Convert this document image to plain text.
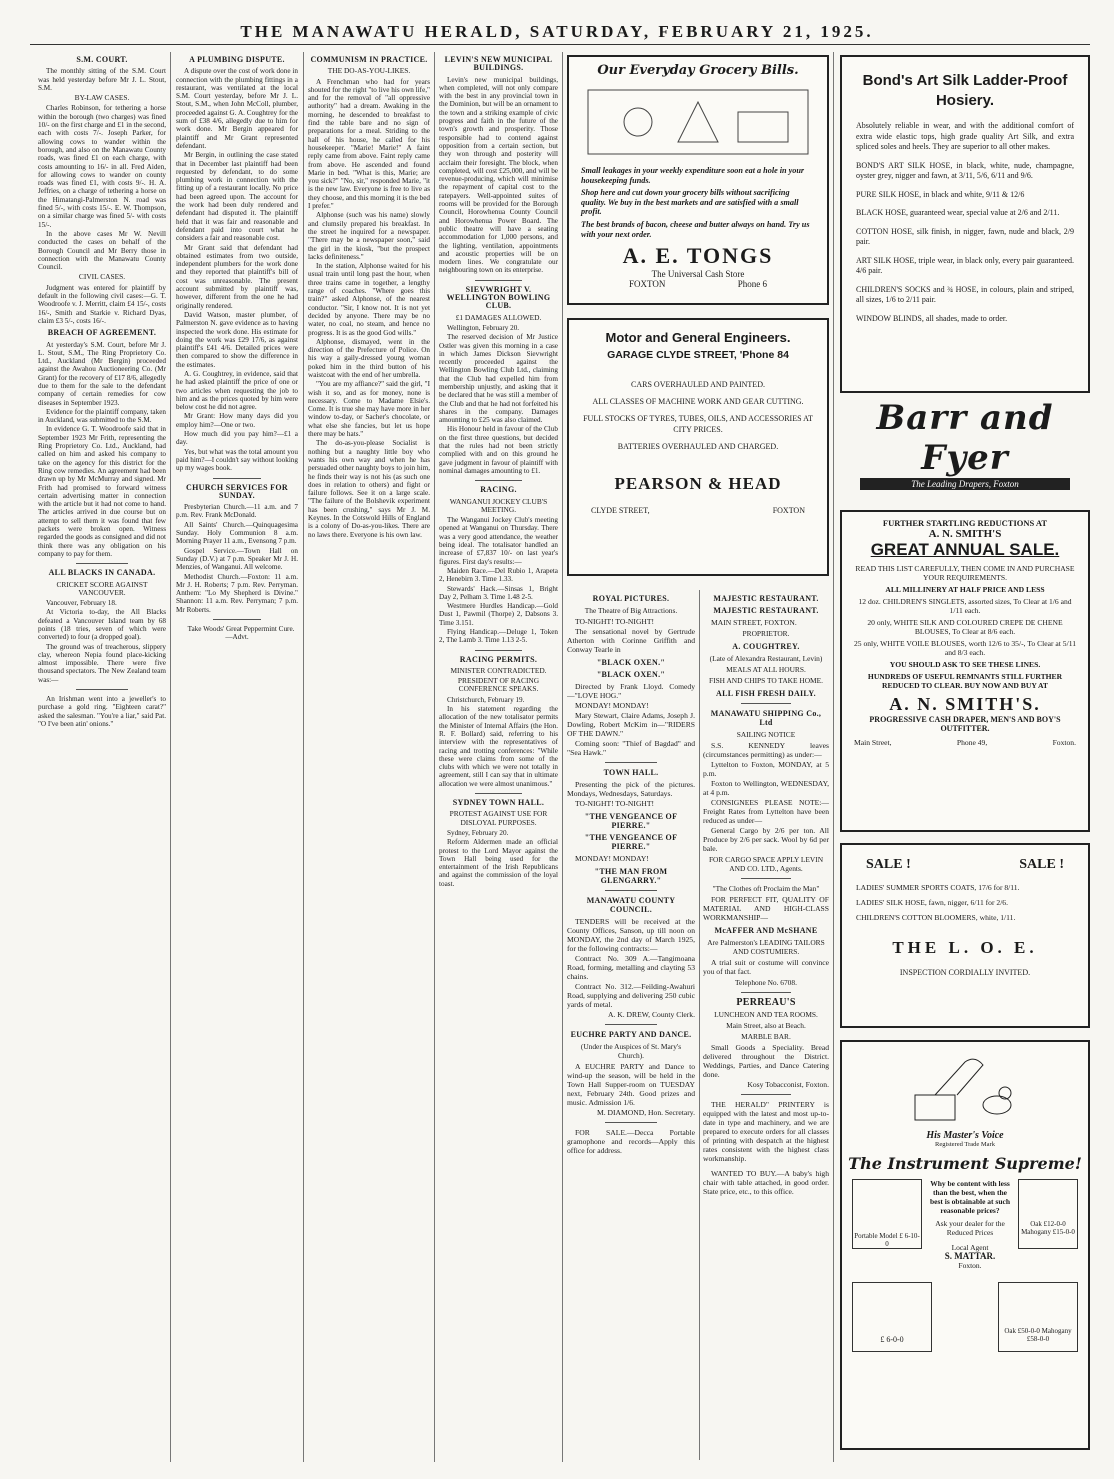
THE MANAWATU HERALD, SATURDAY, FEBRUARY 21, 1925.
S.M. COURT.

The monthly sitting of the S.M. Court was held yesterday before Mr J. L. Stout, S.M.

BY-LAW CASES.

Charles Robinson, for tethering a horse within the borough (two charges) was fined 10/- on the first charge and £1 in the second, each with costs 7/-. Joseph Parker, for allowing cows to wander within the borough, and also on the Manawatu County roads, was fined £1 on each charge, with costs amounting to 16/- in all. Fred Aiden, for allowing cows to wander on county roads was fined £1, with costs 9/-. H. A. Jeffries, on a charge of tethering a horse on the Himatangi-Palmerston N. road was fined 5/-, with costs 15/-. E. W. Thompson, on a similar charge was fined 5/- with costs 15/-.

In the above cases Mr W. Nevill conducted the cases on behalf of the Borough Council and Mr Berry those in connection with the Manawatu County Council.

CIVIL CASES.

Judgment was entered for plaintiff by default in the following civil cases:—G. T. Woodroofe v. J. Merritt, claim £4 15/-, costs 16/-, Smith and Starkie v. Richard Dyas, claim £3 5/-, costs 16/-.

BREACH OF AGREEMENT.

At yesterday's S.M. Court, before Mr J. L. Stout, S.M., The Ring Proprietory Co. Ltd., Auckland (Mr Bergin) proceeded against the Awahou Auctioneering Co. (Mr Grant) for the recovery of £17 8/6, allegedly due to them for the sale to the defendant company of certain remedies for cow diseases in September 1923.

Evidence for the plaintiff company, taken in Auckland, was submitted to the S.M.

In evidence G. T. Woodroofe said that in September 1923 Mr Frith, representing the Ring Proprietory Co. Ltd., Auckland, had called on him and asked his company to take on the agency for this district for the Ring cow remedies. An agreement had been drawn up by Mr McMurray and signed. Mr Frith had promised to forward witness certain advertising matter in connection with the article but it had not come to hand. The articles arrived in due course but on attempt to sell them it was found that few packets were broken open. Witness regarded the goods as consigned and did not think there was any obligation on his company to pay for them.

ALL BLACKS IN CANADA.
CRICKET SCORE AGAINST VANCOUVER.

Vancouver, February 18.

At Victoria to-day, the All Blacks defeated a Vancouver Island team by 68 points (18 tries, seven of which were converted) to four (a dropped goal).

The ground was of treacherous, slippery clay, whereon Nepia found place-kicking almost impossible. There were five thousand spectators. The New Zealand team was:—

An Irishman went into a jeweller's to purchase a gold ring. "Eighteen carat?" asked the salesman. "You're a liar," said Pat. "O I've been atin' onions."

A PLUMBING DISPUTE.

A dispute over the cost of work done in connection with the plumbing fittings in a restaurant, was ventilated at the local S.M. Court yesterday, before Mr J. L. Stout, S.M., when John McColl, plumber, proceeded against G. A. Coughtrey for the sum of £38 4/6, allegedly due to him for work done. Mr Bergin appeared for plaintiff and Mr Grant represented defendant.

Mr Bergin, in outlining the case stated that in December last plaintiff had been requested by defendant, to do some plumbing work in connection with the fitting up of a restaurant locally. No price had been agreed upon. The account for the work had been duly rendered and defendant had disputed it. The plaintiff held that it was fair and reasonable and defendant paid into court what he considers a fair and reasonable cost.

Mr Grant said that defendant had obtained estimates from two outside, independent plumbers for the work done and they reported that plaintiff's bill of cost was unreasonable. The present account submitted by plaintiff was, however, different from the one he had originally rendered.

David Watson, master plumber, of Palmerston N. gave evidence as to having inspected the work done. His estimate for doing the work was £29 17/6, as against plaintiff's £41 4/6. Detailed prices were then compared to show the difference in the estimates.

A. G. Coughtrey, in evidence, said that he had asked plaintiff the price of one or two articles when requesting the job to him and as the prices quoted by him were below cost he did not agree.

Mr Grant: How many days did you employ him?—One or two.

How much did you pay him?—£1 a day.

Yes, but what was the total amount you paid him?—I couldn't say without looking up my wages book.

CHURCH SERVICES FOR SUNDAY.

Presbyterian Church.—11 a.m. and 7 p.m. Rev. Frank McDonald.

All Saints' Church.—Quinquagesima Sunday. Holy Communion 8 a.m. Morning Prayer 11 a.m., Evensong 7 p.m.

Gospel Service.—Town Hall on Sunday (D.V.) at 7 p.m. Speaker Mr J. H. Menzies, of Wanganui. All welcome.

Methodist Church.—Foxton: 11 a.m. Mr J. H. Roberts; 7 p.m. Rev. Perryman. Anthem: "Lo My Shepherd is Divine." Shannon: 11 a.m. Rev. Perryman; 7 p.m. Mr Roberts.

Take Woods' Great Peppermint Cure.—Advt.

COMMUNISM IN PRACTICE.
THE DO-AS-YOU-LIKES.

A Frenchman who had for years shouted for the right "to live his own life," and for the removal of "all oppressive authority" had a dream. Awaking in the morning, he descended to breakfast to find the table bare and no sign of preparations for a meal. Striding to the hall of his house, he called for his housekeeper. "Marie! Marie!" A faint reply came from above. Faint reply came from above. He ascended and found Marie in bed. "What is this, Marie; are you sick?" "No, sir," responded Marie, "it is the new law. Everyone is free to live as they choose, and this morning it is the bed I prefer."

Alphonse (such was his name) slowly and clumsily prepared his breakfast. In the street he inquired for a newspaper. "There may be a newspaper soon," said the girl in the kiosk, "but the prospect lacks definiteness."

In the station, Alphonse waited for his usual train until long past the hour, when three trains came in together, a lengthy range of coaches. "Where goes this train?" asked Alphonse, of the nearest conductor. "Sir, I know not. It is not yet decided by anyone. There may be no water, no coal, no steam, and hence no progress. It is as the good God wills."

Alphonse, dismayed, went in the direction of the Prefecture of Police. On his way a gaily-dressed young woman poked him in the third button of his waistcoat with the end of her umbrella.

"You are my affiance?" said the girl, "I wish it so, and as for money, none is necessary. Come to Madame Elsie's. Come. It is true she may have more in her window to-day, or Sacher's chocolate, or what else she fancies, but let us hope there may be hats."

The do-as-you-please Socialist is nothing but a naughty little boy who wants his own way and when he has persuaded other naughty boys to join him, he finds their way is not his (as such one does in relation to others) and fight or failure follows. See it on a large scale. "The failure of the Bolshevik experiment has been crushing," says Mr J. M. Keynes. In the Cotswold Hills of England is a colony of Do-as-you-likes. There are no laws there. Everyone is his own law.

LEVIN'S NEW MUNICIPAL BUILDINGS.

Levin's new municipal buildings, when completed, will not only compare with the best in any provincial town in the Dominion, but will be an ornament to the town and a striking example of civic progress and faith in the future of the town's growth and prosperity. Those responsible had to contend against opposition from a certain section, but they won through and posterity will acclaim their foresight. The block, when completed, will cost £25,000, and will be revenue-producing, which will minimise the repayment of capital cost to the ratepayers. Well-appointed suites of rooms will be provided for the Borough Council, Horowhenua County Council and Horowhenua Power Board. The public theatre will have a seating accommodation for 1,000 persons, and the lighting, ventilation, appointments and acoustic properties will be on modern lines. We congratulate our neighbouring town on its enterprise.

SIEVWRIGHT V. WELLINGTON BOWLING CLUB.
£1 DAMAGES ALLOWED.

Wellington, February 20.

The reserved decision of Mr Justice Ostler was given this morning in a case in which James Dickson Sievwright recently proceeded against the Wellington Bowling Club Ltd., claiming that the Club had expelled him from membership unjustly, and asking that it be declared that he was still a member of the Club and that he had not forfeited his shares in the company. Damages amounting to £25 was also claimed.

His Honour held in favour of the Club on the first three questions, but decided that the rules had not been strictly complied with and on this ground he gave judgment in favour of plaintiff with nominal damages amounting to £1.

RACING.
WANGANUI JOCKEY CLUB'S MEETING.

The Wanganui Jockey Club's meeting opened at Wanganui on Thursday. There was a very good attendance, the weather being ideal. The totalisator handled an increase of £7,837 10/- on last year's figures. First day's results:—

Maiden Race.—Del Rubio 1, Arapeta 2, Henebirn 3. Time 1.33.

Stewards' Hack.—Sinsas 1, Bright Day 2, Pelham 3. Time 1.48 2-5.

Westmere Hurdles Handicap.—Gold Dust 1, Pawmil (Thorpe) 2, Dabsons 3. Time 3.151.

Flying Handicap.—Deluge 1, Token 2, The Lamb 3. Time 1.13 2-5.

RACING PERMITS.
MINISTER CONTRADICTED.
PRESIDENT OF RACING CONFERENCE SPEAKS.

Christchurch, February 19.

In his statement regarding the allocation of the new totalisator permits the Minister of Internal Affairs (the Hon. R. F. Bollard) said, referring to his interview with the representatives of racing and trotting conferences: "While these were claims from some of the clubs with which we were not totally in agreement, still I can say that in ultimate allocation we were almost unanimous."

SYDNEY TOWN HALL.
PROTEST AGAINST USE FOR DISLOYAL PURPOSES.

Sydney, February 20.

Reform Aldermen made an official protest to the Lord Mayor against the Town Hall being used for the entertainment of the Irish Republicans and against the commission of the loyal toast.

Our Everyday Grocery Bills.

Small leakages in your weekly expenditure soon eat a hole in your housekeeping funds.

Shop here and cut down your grocery bills without sacrificing quality. We buy in the best markets and are satisfied with a small profit.

The best brands of bacon, cheese and butter always on hand. Try us with your next order.

A. E. TONGS
The Universal Cash Store
FOXTON	Phone 6
Motor and General Engineers.
GARAGE CLYDE STREET, 'Phone 84

CARS OVERHAULED AND PAINTED.

ALL CLASSES OF MACHINE WORK AND GEAR CUTTING.

FULL STOCKS OF TYRES, TUBES, OILS, AND ACCESSORIES AT CITY PRICES.

BATTERIES OVERHAULED AND CHARGED.

PEARSON & HEAD
CLYDE STREET,	FOXTON
ROYAL PICTURES.
The Theatre of Big Attractions.

TO-NIGHT! TO-NIGHT!

The sensational novel by Gertrude Atherton with Corinne Griffith and Conway Tearle in

"BLACK OXEN."
"BLACK OXEN."

Directed by Frank Lloyd. Comedy—"LOVE HOG."

MONDAY! MONDAY!

Mary Stewart, Claire Adams, Joseph J. Dowling, Robert McKim in—"RIDERS OF THE DAWN."

Coming soon: "Thief of Bagdad" and "Sea Hawk."

TOWN HALL.

Presenting the pick of the pictures. Mondays, Wednesdays, Saturdays.

TO-NIGHT! TO-NIGHT!

"THE VENGEANCE OF PIERRE."
"THE VENGEANCE OF PIERRE."

MONDAY! MONDAY!

"THE MAN FROM GLENGARRY."
MANAWATU COUNTY COUNCIL.

TENDERS will be received at the County Offices, Sanson, up till noon on MONDAY, the 2nd day of March 1925, for the following contracts:—

Contract No. 309 A.—Tangimoana Road, forming, metalling and clayting 53 chains.

Contract No. 312.—Feilding-Awahuri Road, supplying and delivering 250 cubic yards of metal.

A. K. DREW, County Clerk.

EUCHRE PARTY AND DANCE.
(Under the Auspices of St. Mary's Church).

A EUCHRE PARTY and Dance to wind-up the season, will be held in the Town Hall Supper-room on TUESDAY next, February 24th. Good prizes and music. Admission 1/6.

M. DIAMOND, Hon. Secretary.

FOR SALE.—Decca Portable gramophone and records—Apply this office for address.

MAJESTIC RESTAURANT.
MAJESTIC RESTAURANT.

MAIN STREET, FOXTON.

PROPRIETOR.
A. COUGHTREY.
(Late of Alexandra Restaurant, Levin)
MEALS AT ALL HOURS.
FISH AND CHIPS TO TAKE HOME.
ALL FISH FRESH DAILY.
MANAWATU SHIPPING Co., Ltd
SAILING NOTICE

S.S. KENNEDY leaves (circumstances permitting) as under:—

Lyttelton to Foxton, MONDAY, at 5 p.m.

Foxton to Wellington, WEDNESDAY, at 4 p.m.

CONSIGNEES PLEASE NOTE:—Freight Rates from Lyttelton have been reduced as under—

General Cargo by 2/6 per ton. All Produce by 2/6 per sack. Wool by 6d per bale.

FOR CARGO SPACE APPLY LEVIN AND CO. LTD., Agents.
"The Clothes oft Proclaim the Man"

FOR PERFECT FIT, QUALITY OF MATERIAL AND HIGH-CLASS WORKMANSHIP—

McAFFER AND McSHANE
Are Palmerston's LEADING TAILORS AND COSTUMIERS.

A trial suit or costume will convince you of that fact.

Telephone No. 6708.
PERREAU'S
LUNCHEON AND TEA ROOMS.
Main Street, also at Beach.
MARBLE BAR.

Small Goods a Speciality. Bread delivered throughout the District. Weddings, Parties, and Dance Catering done.

Kosy Tobacconist, Foxton.

THE HERALD" PRINTERY is equipped with the latest and most up-to-date in type and machinery, and we are prepared to execute orders for all classes of printing with despatch at the highest rates consistent with the highest class workmanship.

WANTED TO BUY.—A baby's high chair with table attached, in good order. State price, etc., to this office.

Bond's Art Silk Ladder-Proof Hosiery.

Absolutely reliable in wear, and with the additional comfort of extra wide elastic tops, high grade quality Art Silk, and extra spliced soles and heels. They are superior to all other makes.

BOND'S ART SILK HOSE, in black, white, nude, champagne, oyster grey, nigger and fawn, at 3/11, 5/6, 6/11 and 9/6.

PURE SILK HOSE, in black and white, 9/11 & 12/6

BLACK HOSE, guaranteed wear, special value at 2/6 and 2/11.

COTTON HOSE, silk finish, in nigger, fawn, nude and black, 2/9 pair.

ART SILK HOSE, triple wear, in black only, every pair guaranteed. 4/6 pair.

CHILDREN'S SOCKS and ¾ HOSE, in colours, plain and striped, all sizes, 1/6 to 2/11 pair.

WINDOW BLINDS, all shades, made to order.

Barr and Fyer
The Leading Drapers, Foxton
FURTHER STARTLING REDUCTIONS AT
A. N. SMITH'S
GREAT ANNUAL SALE.

READ THIS LIST CAREFULLY, THEN COME IN AND PURCHASE YOUR REQUIREMENTS.

ALL MILLINERY AT HALF PRICE AND LESS

12 doz. CHILDREN'S SINGLETS, assorted sizes, To Clear at 1/6 and 1/11 each.

20 only, WHITE SILK AND COLOURED CREPE DE CHENE BLOUSES, To Clear at 8/6 each.

25 only, WHITE VOILE BLOUSES, worth 12/6 to 35/-, To Clear at 5/11 and 8/3 each.

YOU SHOULD ASK TO SEE THESE LINES.

HUNDREDS OF USEFUL REMNANTS STILL FURTHER REDUCED TO CLEAR. BUY NOW AND BUY AT

A. N. SMITH'S.
PROGRESSIVE CASH DRAPER, MEN'S AND BOY'S OUTFITTER.
Main Street,	Phone 49,	Foxton.
SALE !	SALE !

LADIES' SUMMER SPORTS COATS, 17/6 for 8/11.

LADIES' SILK HOSE, fawn, nigger, 6/11 for 2/6.

CHILDREN'S COTTON BLOOMERS, white, 1/11.

THE L. O. E.
INSPECTION CORDIALLY INVITED.
His Master's Voice
Registered Trade Mark
The Instrument Supreme!
Portable Model £ 6-10-0

Why be content with less than the best, when the best is obtainable at such reasonable prices?

Ask your dealer for the Reduced Prices

Local Agent

S. MATTAR.

Foxton.

Oak £12-0-0 Mahogany £15-0-0
£ 6-0-0
Oak £50-0-0 Mahogany £58-0-0
